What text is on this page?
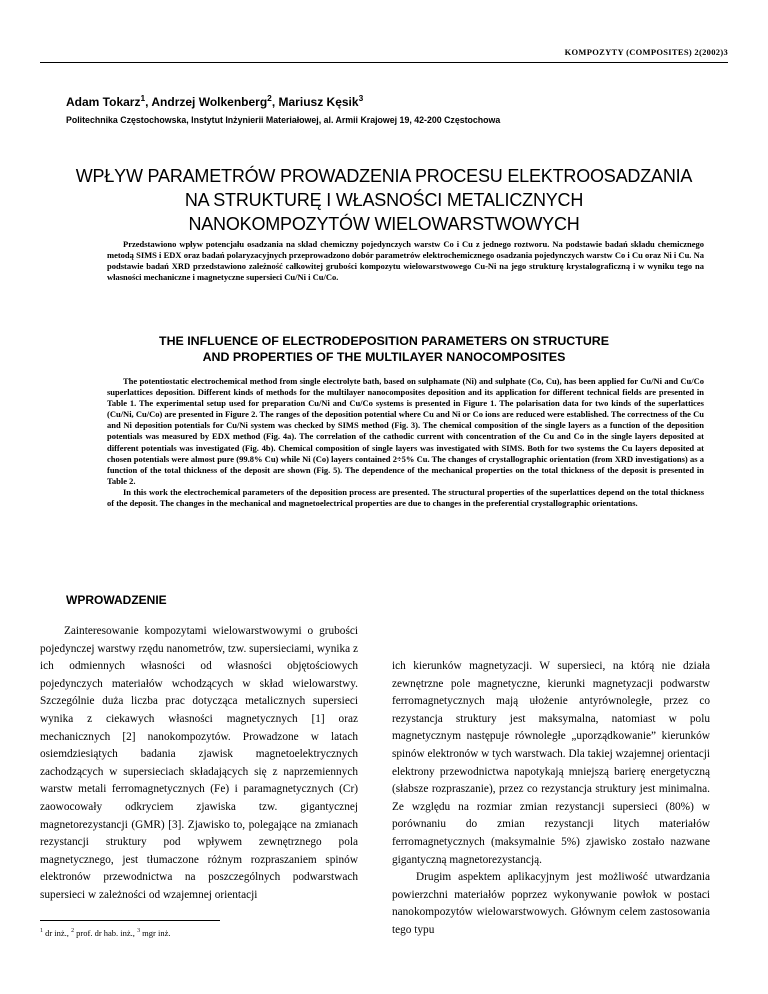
KOMPOZYTY (COMPOSITES) 2(2002)3
Adam Tokarz$^1$, Andrzej Wolkenberg$^2$, Mariusz Kęsik$^3$
Politechnika Częstochowska, Instytut Inżynierii Materiałowej, al. Armii Krajowej 19, 42-200 Częstochowa
WPŁYW PARAMETRÓW PROWADZENIA PROCESU ELEKTROOSADZANIA
NA STRUKTURĘ I WŁASNOŚCI METALICZNYCH
NANOKOMPOZYTÓW WIELOWARSTWOWYCH
Przedstawiono wpływ potencjału osadzania na skład chemiczny pojedynczych warstw Co i Cu z jednego roztworu. Na podstawie badań składu chemicznego metodą SIMS i EDX oraz badań polaryzacyjnych przeprowadzono dobór parametrów elektrochemicznego osadzania pojedynczych warstw Co i Cu oraz Ni i Cu. Na podstawie badań XRD przedstawiono zależność całkowitej grubości kompozytu wielowarstwowego Cu-Ni na jego strukturę krystalograficzną i w wyniku tego na własności mechaniczne i magnetyczne supersieci Cu/Ni i Cu/Co.
THE INFLUENCE OF ELECTRODEPOSITION PARAMETERS ON STRUCTURE
AND PROPERTIES OF THE MULTILAYER NANOCOMPOSITES

The potentiostatic electrochemical method from single electrolyte bath, based on sulphamate (Ni) and sulphate (Co, Cu), has been applied for Cu/Ni and Cu/Co superlattices deposition. Different kinds of methods for the multilayer nanocomposites deposition and its application for different technical fields are presented in Table 1. The experimental setup used for preparation Cu/Ni and Cu/Co systems is presented in Figure 1. The polarisation data for two kinds of the superlattices (Cu/Ni, Cu/Co) are presented in Figure 2. The ranges of the deposition potential where Cu and Ni or Co ions are reduced were established. The correctness of the Cu and Ni deposition potentials for Cu/Ni system was checked by SIMS method (Fig. 3). The chemical composition of the single layers as a function of the deposition potentials was measured by EDX method (Fig. 4a). The correlation of the cathodic current with concentration of the Cu and Co in the single layers deposited at different potentials was investigated (Fig. 4b). Chemical composition of single layers was investigated with SIMS. Both for two systems the Cu layers deposited at chosen potentials were almost pure (99.8% Cu) while Ni (Co) layers contained 2÷5% Cu. The changes of crystallographic orientation (from XRD investigations) as a function of the total thickness of the deposit are shown (Fig. 5). The dependence of the mechanical properties on the total thickness of the deposit is presented in Table 2.

In this work the electrochemical parameters of the deposition process are presented. The structural properties of the superlattices depend on the total thickness of the deposit. The changes in the mechanical and magnetoelectrical properties are due to changes in the preferential crystallographic orientations.

WPROWADZENIE

Zainteresowanie kompozytami wielowarstwowymi o grubości pojedynczej warstwy rzędu nanometrów, tzw. supersieciami, wynika z ich odmiennych własności od własności objętościowych pojedynczych materiałów wchodzących w skład wielowarstwy. Szczególnie duża liczba prac dotycząca metalicznych supersieci wynika z ciekawych własności magnetycznych [1] oraz mechanicznych [2] nanokompozytów. Prowadzone w latach osiemdziesiątych badania zjawisk magnetoelektrycznych zachodzących w supersieciach składających się z naprzemiennych warstw metali ferromagnetycznych (Fe) i paramagnetycznych (Cr) zaowocowały odkryciem zjawiska tzw. gigantycznej magnetorezystancji (GMR) [3]. Zjawisko to, polegające na zmianach rezystancji struktury pod wpływem zewnętrznego pola magnetycznego, jest tłumaczone różnym rozpraszaniem spinów elektronów przewodnictwa na poszczególnych podwarstwach supersieci w zależności od wzajemnej orientacji

ich kierunków magnetyzacji. W supersieci, na którą nie działa zewnętrzne pole magnetyczne, kierunki magnetyzacji podwarstw ferromagnetycznych mają ułożenie antyrównoległe, przez co rezystancja struktury jest maksymalna, natomiast w polu magnetycznym następuje równoległe „uporządkowanie” kierunków spinów elektronów w tych warstwach. Dla takiej wzajemnej orientacji elektrony przewodnictwa napotykają mniejszą barierę energetyczną (słabsze rozpraszanie), przez co rezystancja struktury jest minimalna. Ze względu na rozmiar zmian rezystancji supersieci (80%) w porównaniu do zmian rezystancji litych materiałów ferromagnetycznych (maksymalnie 5%) zjawisko zostało nazwane gigantyczną magnetorezystancją.

Drugim aspektem aplikacyjnym jest możliwość utwardzania powierzchni materiałów poprzez wykonywanie powłok w postaci nanokompozytów wielowarstwowych. Głównym celem zastosowania tego typu

$^1$ dr inż., $^2$ prof. dr hab. inż., $^3$ mgr inż.
